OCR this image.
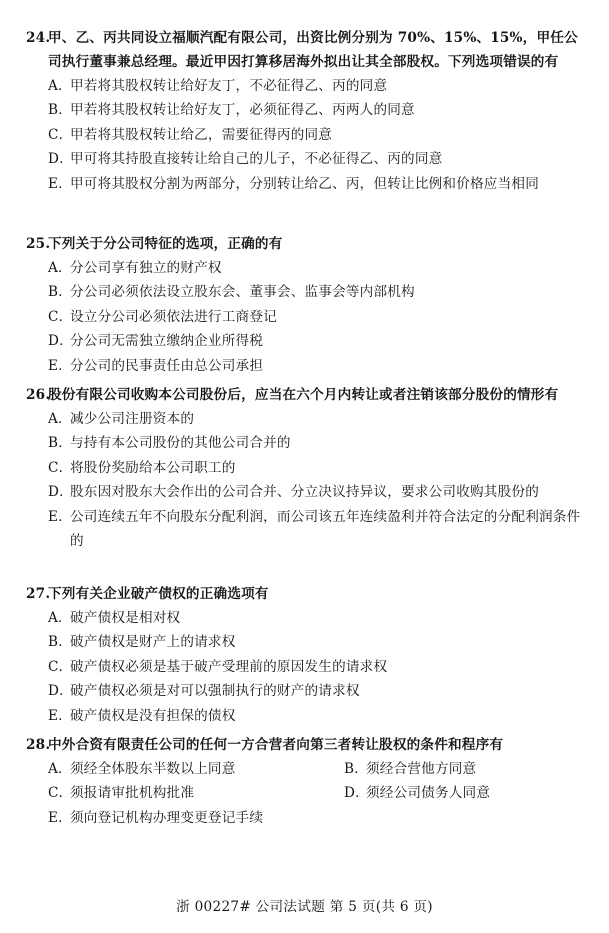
24.
甲、乙、丙共同设立福顺汽配有限公司，出资比例分别为 70%、15%、15%，甲任公司执行董事兼总经理。最近甲因打算移居海外拟出让其全部股权。下列选项错误的有
A．
甲若将其股权转让给好友丁，不必征得乙、丙的同意
B．
甲若将其股权转让给好友丁，必须征得乙、丙两人的同意
C．
甲若将其股权转让给乙，需要征得丙的同意
D．
甲可将其持股直接转让给自己的儿子，不必征得乙、丙的同意
E．
甲可将其股权分割为两部分，分别转让给乙、丙，但转让比例和价格应当相同
25.
下列关于分公司特征的选项，正确的有
A．
分公司享有独立的财产权
B．
分公司必须依法设立股东会、董事会、监事会等内部机构
C．
设立分公司必须依法进行工商登记
D．
分公司无需独立缴纳企业所得税
E．
分公司的民事责任由总公司承担
26.
股份有限公司收购本公司股份后，应当在六个月内转让或者注销该部分股份的情形有
A．
减少公司注册资本的
B．
与持有本公司股份的其他公司合并的
C．
将股份奖励给本公司职工的
D．
股东因对股东大会作出的公司合并、分立决议持异议，要求公司收购其股份的
E．
公司连续五年不向股东分配利润，而公司该五年连续盈利并符合法定的分配利润条件的
27.
下列有关企业破产债权的正确选项有
A．
破产债权是相对权
B．
破产债权是财产上的请求权
C．
破产债权必须是基于破产受理前的原因发生的请求权
D．
破产债权必须是对可以强制执行的财产的请求权
E．
破产债权是没有担保的债权
28.
中外合资有限责任公司的任何一方合营者向第三者转让股权的条件和程序有
A．
须经全体股东半数以上同意	B．
须经合营他方同意
C．
须报请审批机构批准	D．
须经公司债务人同意
E．
须向登记机构办理变更登记手续
浙 00227# 公司法试题 第 5 页(共 6 页)
